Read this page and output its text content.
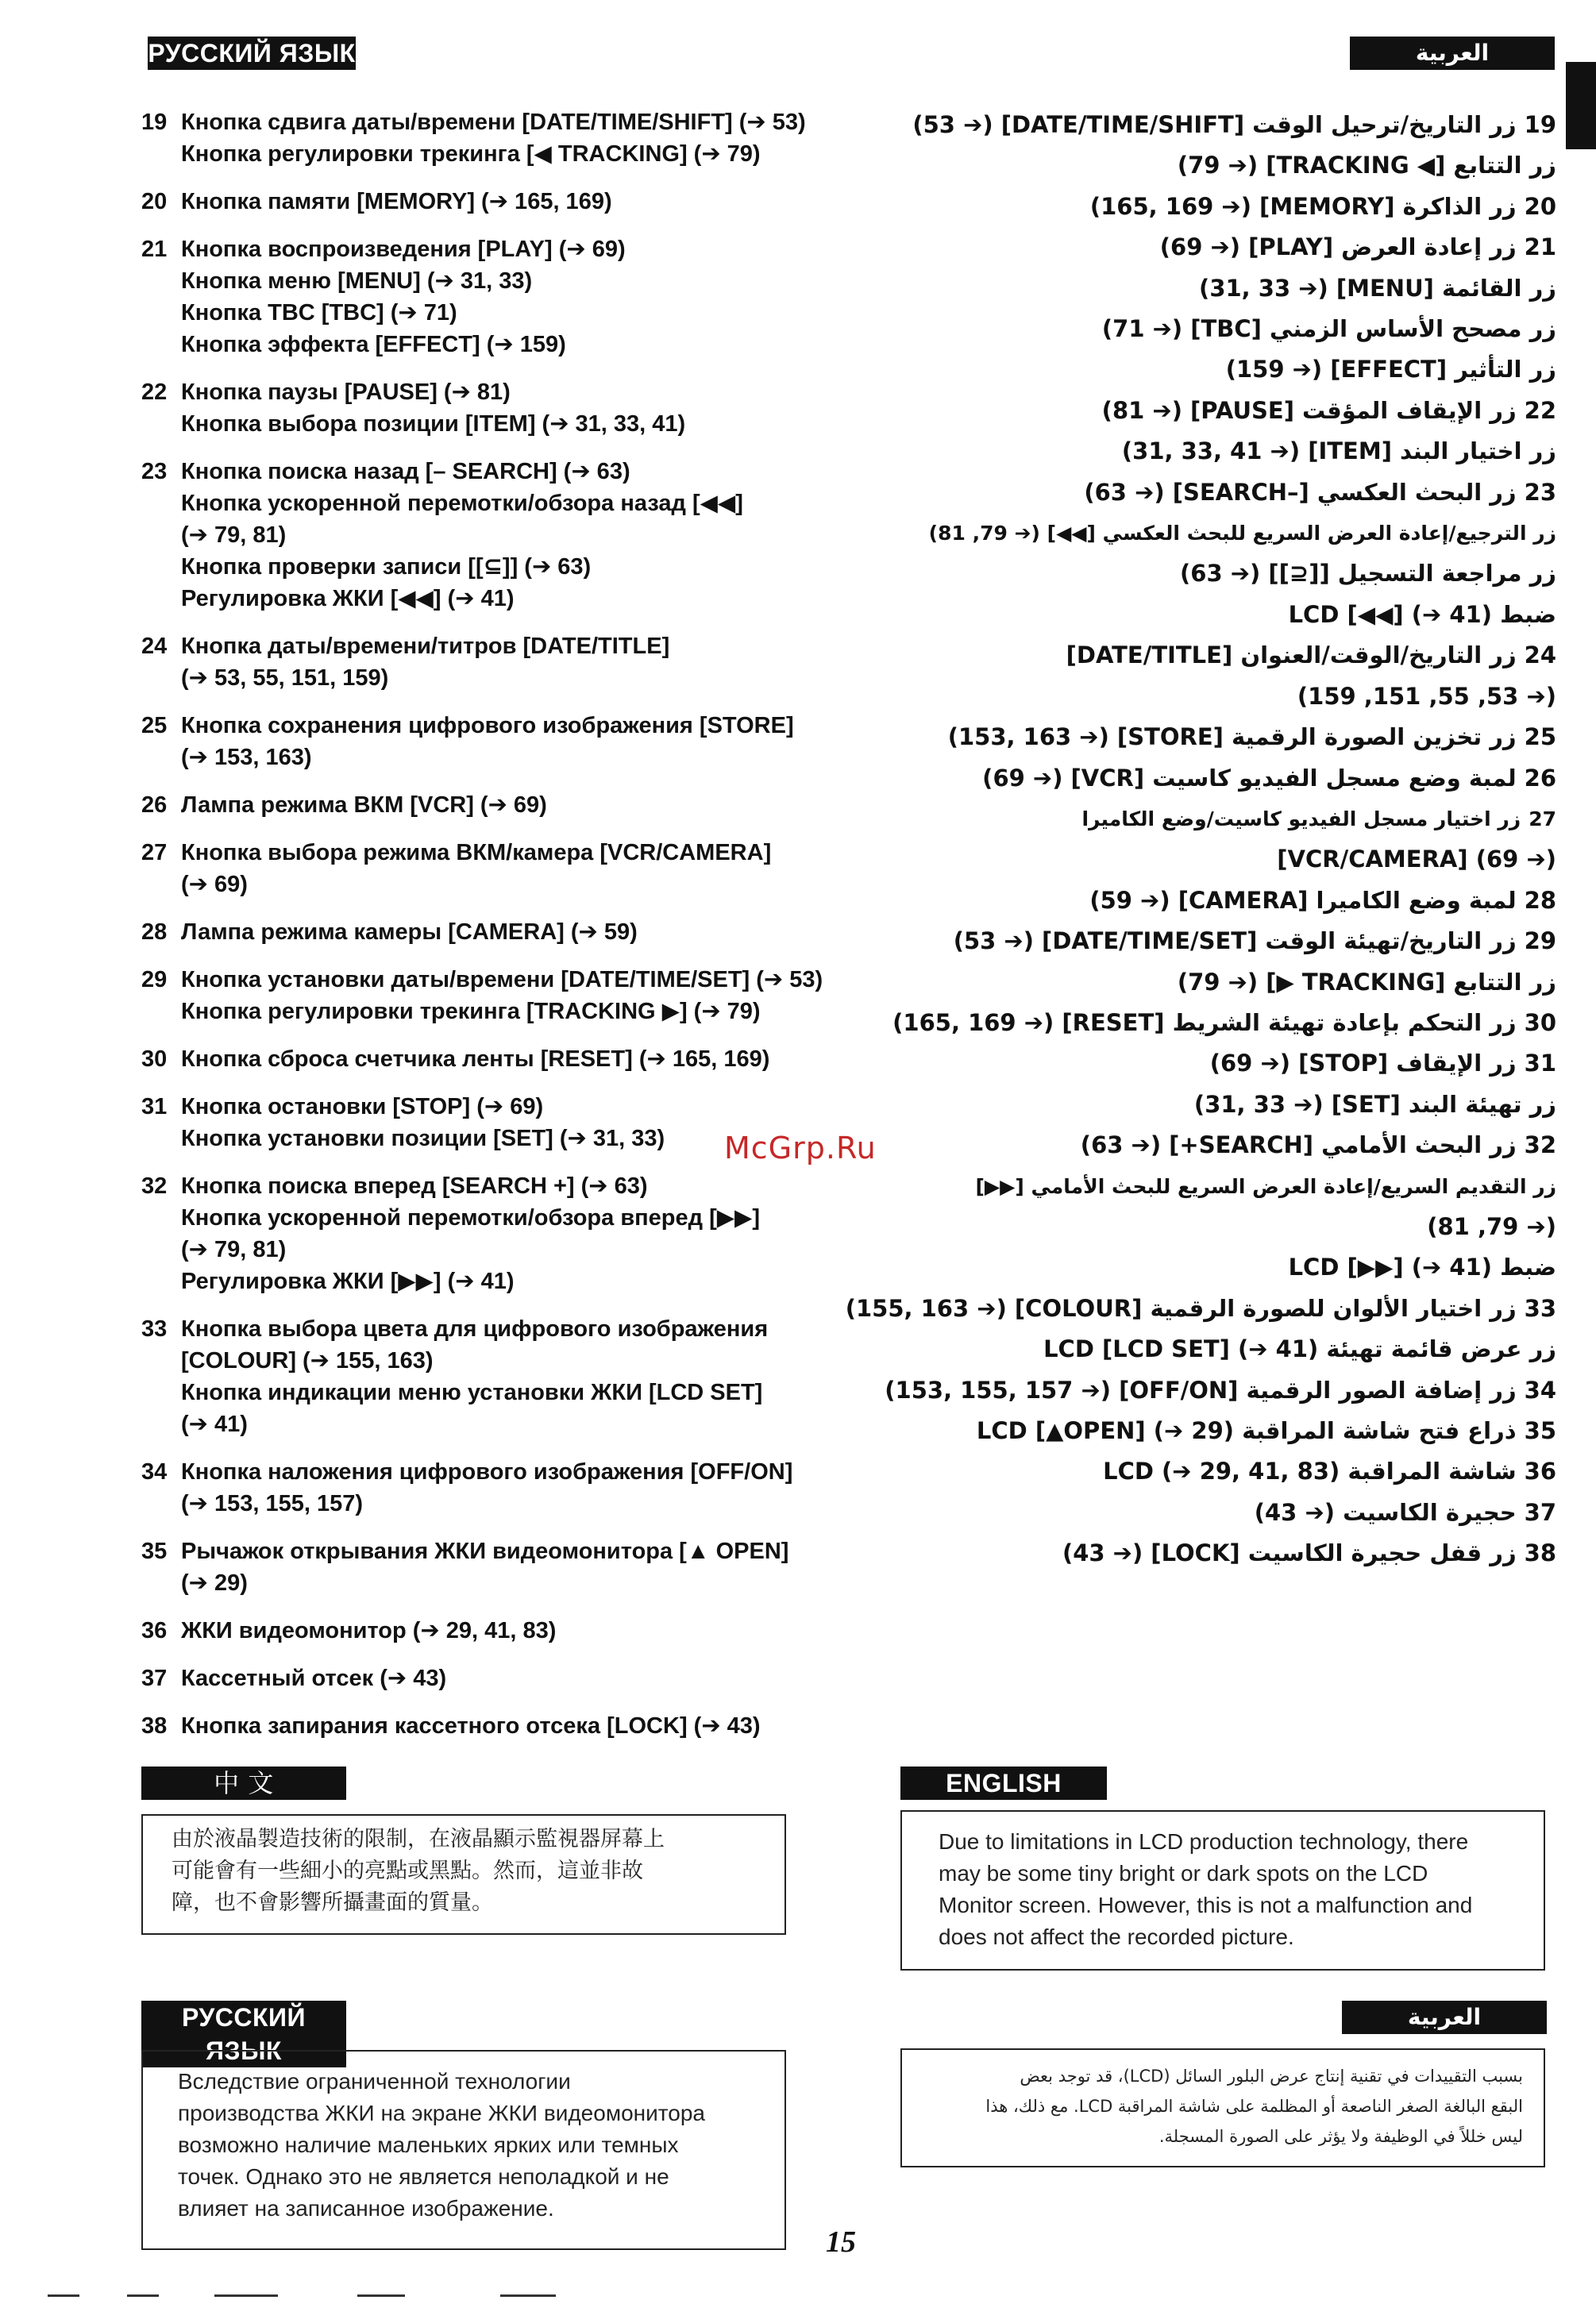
РУССКИЙ ЯЗЫК	العربية
19 Кнопка сдвига даты/времени [DATE/TIME/SHIFT] (➔ 53)
Кнопка регулировки трекинга [◀ TRACKING] (➔ 79)
20 Кнопка памяти [MEMORY] (➔ 165, 169)
21 Кнопка воспроизведения [PLAY] (➔ 69)
Кнопка меню [MENU] (➔ 31, 33)
Кнопка TBC [TBC] (➔ 71)
Кнопка эффекта [EFFECT] (➔ 159)
22 Кнопка паузы [PAUSE] (➔ 81)
Кнопка выбора позиции [ITEM] (➔ 31, 33, 41)
23 Кнопка поиска назад [– SEARCH] (➔ 63)
Кнопка ускоренной перемотки/обзора назад [◀◀]
(➔ 79, 81)
Кнопка проверки записи [[⊆]] (➔ 63)
Регулировка ЖКИ [◀◀] (➔ 41)
24 Кнопка даты/времени/титров [DATE/TITLE]
(➔ 53, 55, 151, 159)
25 Кнопка сохранения цифрового изображения [STORE]
(➔ 153, 163)
26 Лампа режима ВКМ [VCR] (➔ 69)
27 Кнопка выбора режима ВКМ/камера [VCR/CAMERA]
(➔ 69)
28 Лампа режима камеры [CAMERA] (➔ 59)
29 Кнопка установки даты/времени [DATE/TIME/SET] (➔ 53)
Кнопка регулировки трекинга [TRACKING ▶] (➔ 79)
30 Кнопка сброса счетчика ленты [RESET] (➔ 165, 169)
31 Кнопка остановки [STOP] (➔ 69)
Кнопка установки позиции [SET] (➔ 31, 33)
32 Кнопка поиска вперед [SEARCH +] (➔ 63)
Кнопка ускоренной перемотки/обзора вперед [▶▶]
(➔ 79, 81)
Регулировка ЖКИ [▶▶] (➔ 41)
33 Кнопка выбора цвета для цифрового изображения
[COLOUR] (➔ 155, 163)
Кнопка индикации меню установки ЖКИ [LCD SET]
(➔ 41)
34 Кнопка наложения цифрового изображения [OFF/ON]
(➔ 153, 155, 157)
35 Рычажок открывания ЖКИ видеомонитора [▲ OPEN]
(➔ 29)
36 ЖКИ видеомонитор (➔ 29, 41, 83)
37 Кассетный отсек (➔ 43)
38 Кнопка запирания кассетного отсека [LOCK] (➔ 43)
19زر التاريخ/ترحيل الوقت [DATE/TIME/SHIFT] (➔ 53)
زر التتابع [◀ TRACKING] (➔ 79)
20زر الذاكرة [MEMORY] (➔ 165, 169)
21زر إعادة العرض [PLAY] (➔ 69)
زر القائمة [MENU] (➔ 31, 33)
زر مصحح الأساس الزمني [TBC] (➔ 71)
زر التأثير [EFFECT] (➔ 159)
22زر الإيقاف المؤقت [PAUSE] (➔ 81)
زر اختيار البند [ITEM] (➔ 31, 33, 41)
23زر البحث العكسي [–SEARCH] (➔ 63)
زر الترجيع/إعادة العرض السريع للبحث العكسي [◀◀] (➔ 79, 81)
زر مراجعة التسجيل [[⊆]] (➔ 63)
ضبط LCD [◀◀] (➔ 41)
24زر التاريخ/الوقت/العنوان [DATE/TITLE]
(➔ 53, 55, 151, 159)
25زر تخزين الصورة الرقمية [STORE] (➔ 153, 163)
26لمبة وضع مسجل الفيديو كاسيت [VCR] (➔ 69)
27زر اختيار مسجل الفيديو كاسيت/وضع الكاميرا
(➔ 69) [VCR/CAMERA]
28لمبة وضع الكاميرا [CAMERA] (➔ 59)
29زر التاريخ/تهيئة الوقت [DATE/TIME/SET] (➔ 53)
زر التتابع [TRACKING ▶] (➔ 79)
30زر التحكم بإعادة تهيئة الشريط [RESET] (➔ 165, 169)
31زر الإيقاف [STOP] (➔ 69)
زر تهيئة البند [SET] (➔ 31, 33)
32زر البحث الأمامي [SEARCH+] (➔ 63)
زر التقديم السريع/إعادة العرض السريع للبحث الأمامي [▶▶]
(➔ 79, 81)
ضبط LCD [▶▶] (➔ 41)
33زر اختيار الألوان للصورة الرقمية [COLOUR] (➔ 155, 163)
زر عرض قائمة تهيئة LCD [LCD SET] (➔ 41)
34زر إضافة الصور الرقمية [OFF/ON] (➔ 153, 155, 157)
35ذراع فتح شاشة المراقبة LCD [▲OPEN] (➔ 29)
36شاشة المراقبة LCD (➔ 29, 41, 83)
37حجيرة الكاسيت (➔ 43)
38زر قفل حجيرة الكاسيت [LOCK] (➔ 43)
McGrp.Ru
中 文
由於液晶製造技術的限制，在液晶顯示監視器屏幕上
可能會有一些細小的亮點或黑點。然而，這並非故
障，也不會影響所攝畫面的質量。
ENGLISH
Due to limitations in LCD production technology, there
may be some tiny bright or dark spots on the LCD
Monitor screen. However, this is not a malfunction and
does not affect the recorded picture.
РУССКИЙ ЯЗЫК
Вследствие ограниченной технологии
производства ЖКИ на экране ЖКИ видеомонитора
возможно наличие маленьких ярких или темных
точек. Однако это не является неполадкой и не
влияет на записанное изображение.
العربية
بسبب التقييدات في تقنية إنتاج عرض البلور السائل (LCD)، قد توجد بعض
البقع البالغة الصغر الناصعة أو المظلمة على شاشة المراقبة LCD. مع ذلك، هذا
ليس خللاً في الوظيفة ولا يؤثر على الصورة المسجلة.
15
